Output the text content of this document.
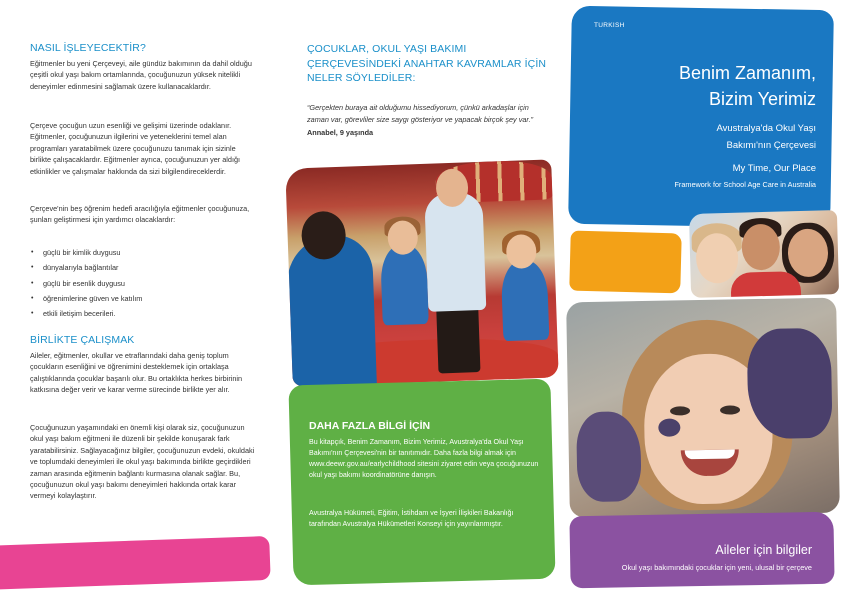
NASIL İŞLEYECEKTİR?

Eğitmenler bu yeni Çerçeveyi, aile gündüz bakımının da dahil olduğu çeşitli okul yaşı bakım ortamlarında, çocuğunuzun yüksek nitelikli deneyimler edinmesini sağlamak üzere kullanacaklardır.

Çerçeve çocuğun uzun esenliği ve gelişimi üzerinde odaklanır. Eğitmenler, çocuğunuzun ilgilerini ve yeteneklerini temel alan programları yaratabilmek üzere çocuğunuzu tanımak için sizinle birlikte çalışacaklardır. Eğitmenler ayrıca, çocuğunuzun yer aldığı etkinlikler ve çalışmalar hakkında da sizi bilgilendireceklerdir.

Çerçeve'nin beş öğrenim hedefi aracılığıyla eğitmenler çocuğunuza, şunları geliştirmesi için yardımcı olacaklardır:

• güçlü bir kimlik duygusu
• dünyalarıyla bağlantılar
• güçlü bir esenlik duygusu
• öğrenimlerine güven ve katılım
• etkili iletişim becerileri.
BİRLİKTE ÇALIŞMAK

Aileler, eğitmenler, okullar ve etraflarındaki daha geniş toplum çocukların esenliğini ve öğrenimini desteklemek için ortaklaşa çalıştıklarında çocuklar başarılı olur. Bu ortaklıkta herkes birbirinin katkısına değer verir ve karar verme sürecinde birlikte yer alır.

Çocuğunuzun yaşamındaki en önemli kişi olarak siz, çocuğunuzun okul yaşı bakım eğitmeni ile düzenli bir şekilde konuşarak fark yaratabilirsiniz. Sağlayacağınız bilgiler, çocuğunuzun evdeki, okuldaki ve toplumdaki deneyimleri ile okul yaşı bakımında birlikte geçirdikleri zaman arasında eğitmenin bağlantı kurmasına olanak sağlar. Bu, çocuğunuzun okul yaşı bakımı deneyimleri hakkında ortak karar vermeyi kolaylaştırır.

ÇOCUKLAR, OKUL YAŞI BAKIMI ÇERÇEVESİNDEKİ ANAHTAR KAVRAMLAR İÇİN NELER SÖYLEDİLER:

“Gerçekten buraya ait olduğumu hissediyorum, çünkü arkadaşlar için zaman var, görevliler size saygı gösteriyor ve yapacak birçok şey var.” Annabel, 9 yaşında

DAHA FAZLA BİLGİ İÇİN

Bu kitapçık, Benim Zamanım, Bizim Yerimiz, Avustralya'da Okul Yaşı Bakımı'nın Çerçevesi'nin bir tanıtımıdır. Daha fazla bilgi almak için www.deewr.gov.au/earlychildhood sitesini ziyaret edin veya çocuğunuzun okul yaşı bakımı koordinatörüne danışın.

Avustralya Hükümeti, Eğitim, İstihdam ve İşyeri İlişkileri Bakanlığı tarafından Avustralya Hükümetleri Konseyi için yayınlanmıştır.

TURKISH
Benim Zamanım,
Bizim Yerimiz
Avustralya'da Okul Yaşı
Bakımı'nın Çerçevesi
My Time, Our Place
Framework for School Age Care in Australia
Aileler için bilgiler
Okul yaşı bakımındaki çocuklar için yeni, ulusal bir çerçeve
